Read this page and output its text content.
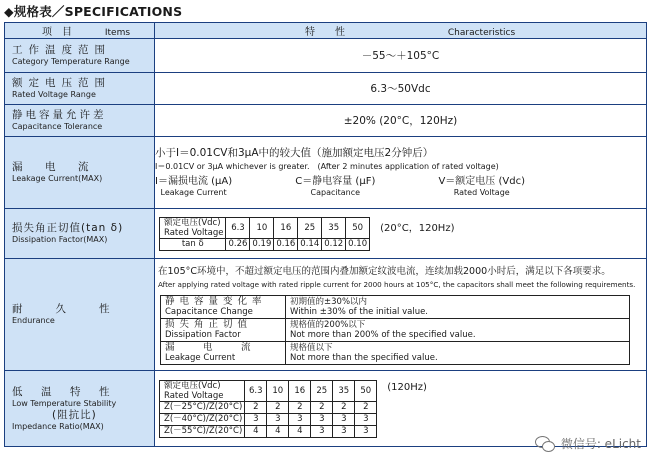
◆规格表／SPECIFICATIONS
项　目	Items	特　　性	Characteristics

工作温度范围
Category Temperature Range	－55～＋105°C

额定电压范围
Rated Voltage Range	6.3～50Vdc

静电容量允许差
Capacitance Tolerance	±20% (20°C，120Hz)

漏　电　流
Leakage Current(MAX)

小于I＝0.01CV和3μA中的较大值（施加额定电压2分钟后）
I＝0.01CV or 3μA whichever is greater.　(After 2 minutes application of rated voltage)
I＝漏损电流 (μA)
Leakage Current
C＝静电容量 (μF)
Capacitance
V＝额定电压 (Vdc)
Rated Voltage

损失角正切值(tan δ)
Dissipation Factor(MAX)

额定电压(Vdc)
Rated Voltage	6.3	10	16	25	35	50
tan δ	0.26	0.19	0.16	0.14	0.12	0.10
(20°C，120Hz)

耐　　久　　性
Endurance

在105°C环境中，不超过额定电压的范围内叠加额定纹波电流，连续加载2000小时后，满足以下各项要求。
After applying rated voltage with rated ripple current for 2000 hours at 105°C, the capacitors shall meet the following requirements.
静电容量变化率
Capacitance Change

初期值的±30%以内
Within ±30% of the initial value.

损失角正切值
Dissipation Factor

规格值的200%以下
Not more than 200% of the specified value.

漏　　　电　　　流
Leakage Current

规格值以下
Not more than the specified value.

低　温　特　性
Low Temperature Stability
(阻抗比)
Impedance Ratio(MAX)

额定电压(Vdc)
Rated Voltage	6.3	10	16	25	35	50
Z(－25°C)/Z(20°C)	2	2	2	2	2	2
Z(－40°C)/Z(20°C)	3	3	3	3	3	3
Z(－55°C)/Z(20°C)	4	4	4	3	3	3
(120Hz)
微信号: eLicht
